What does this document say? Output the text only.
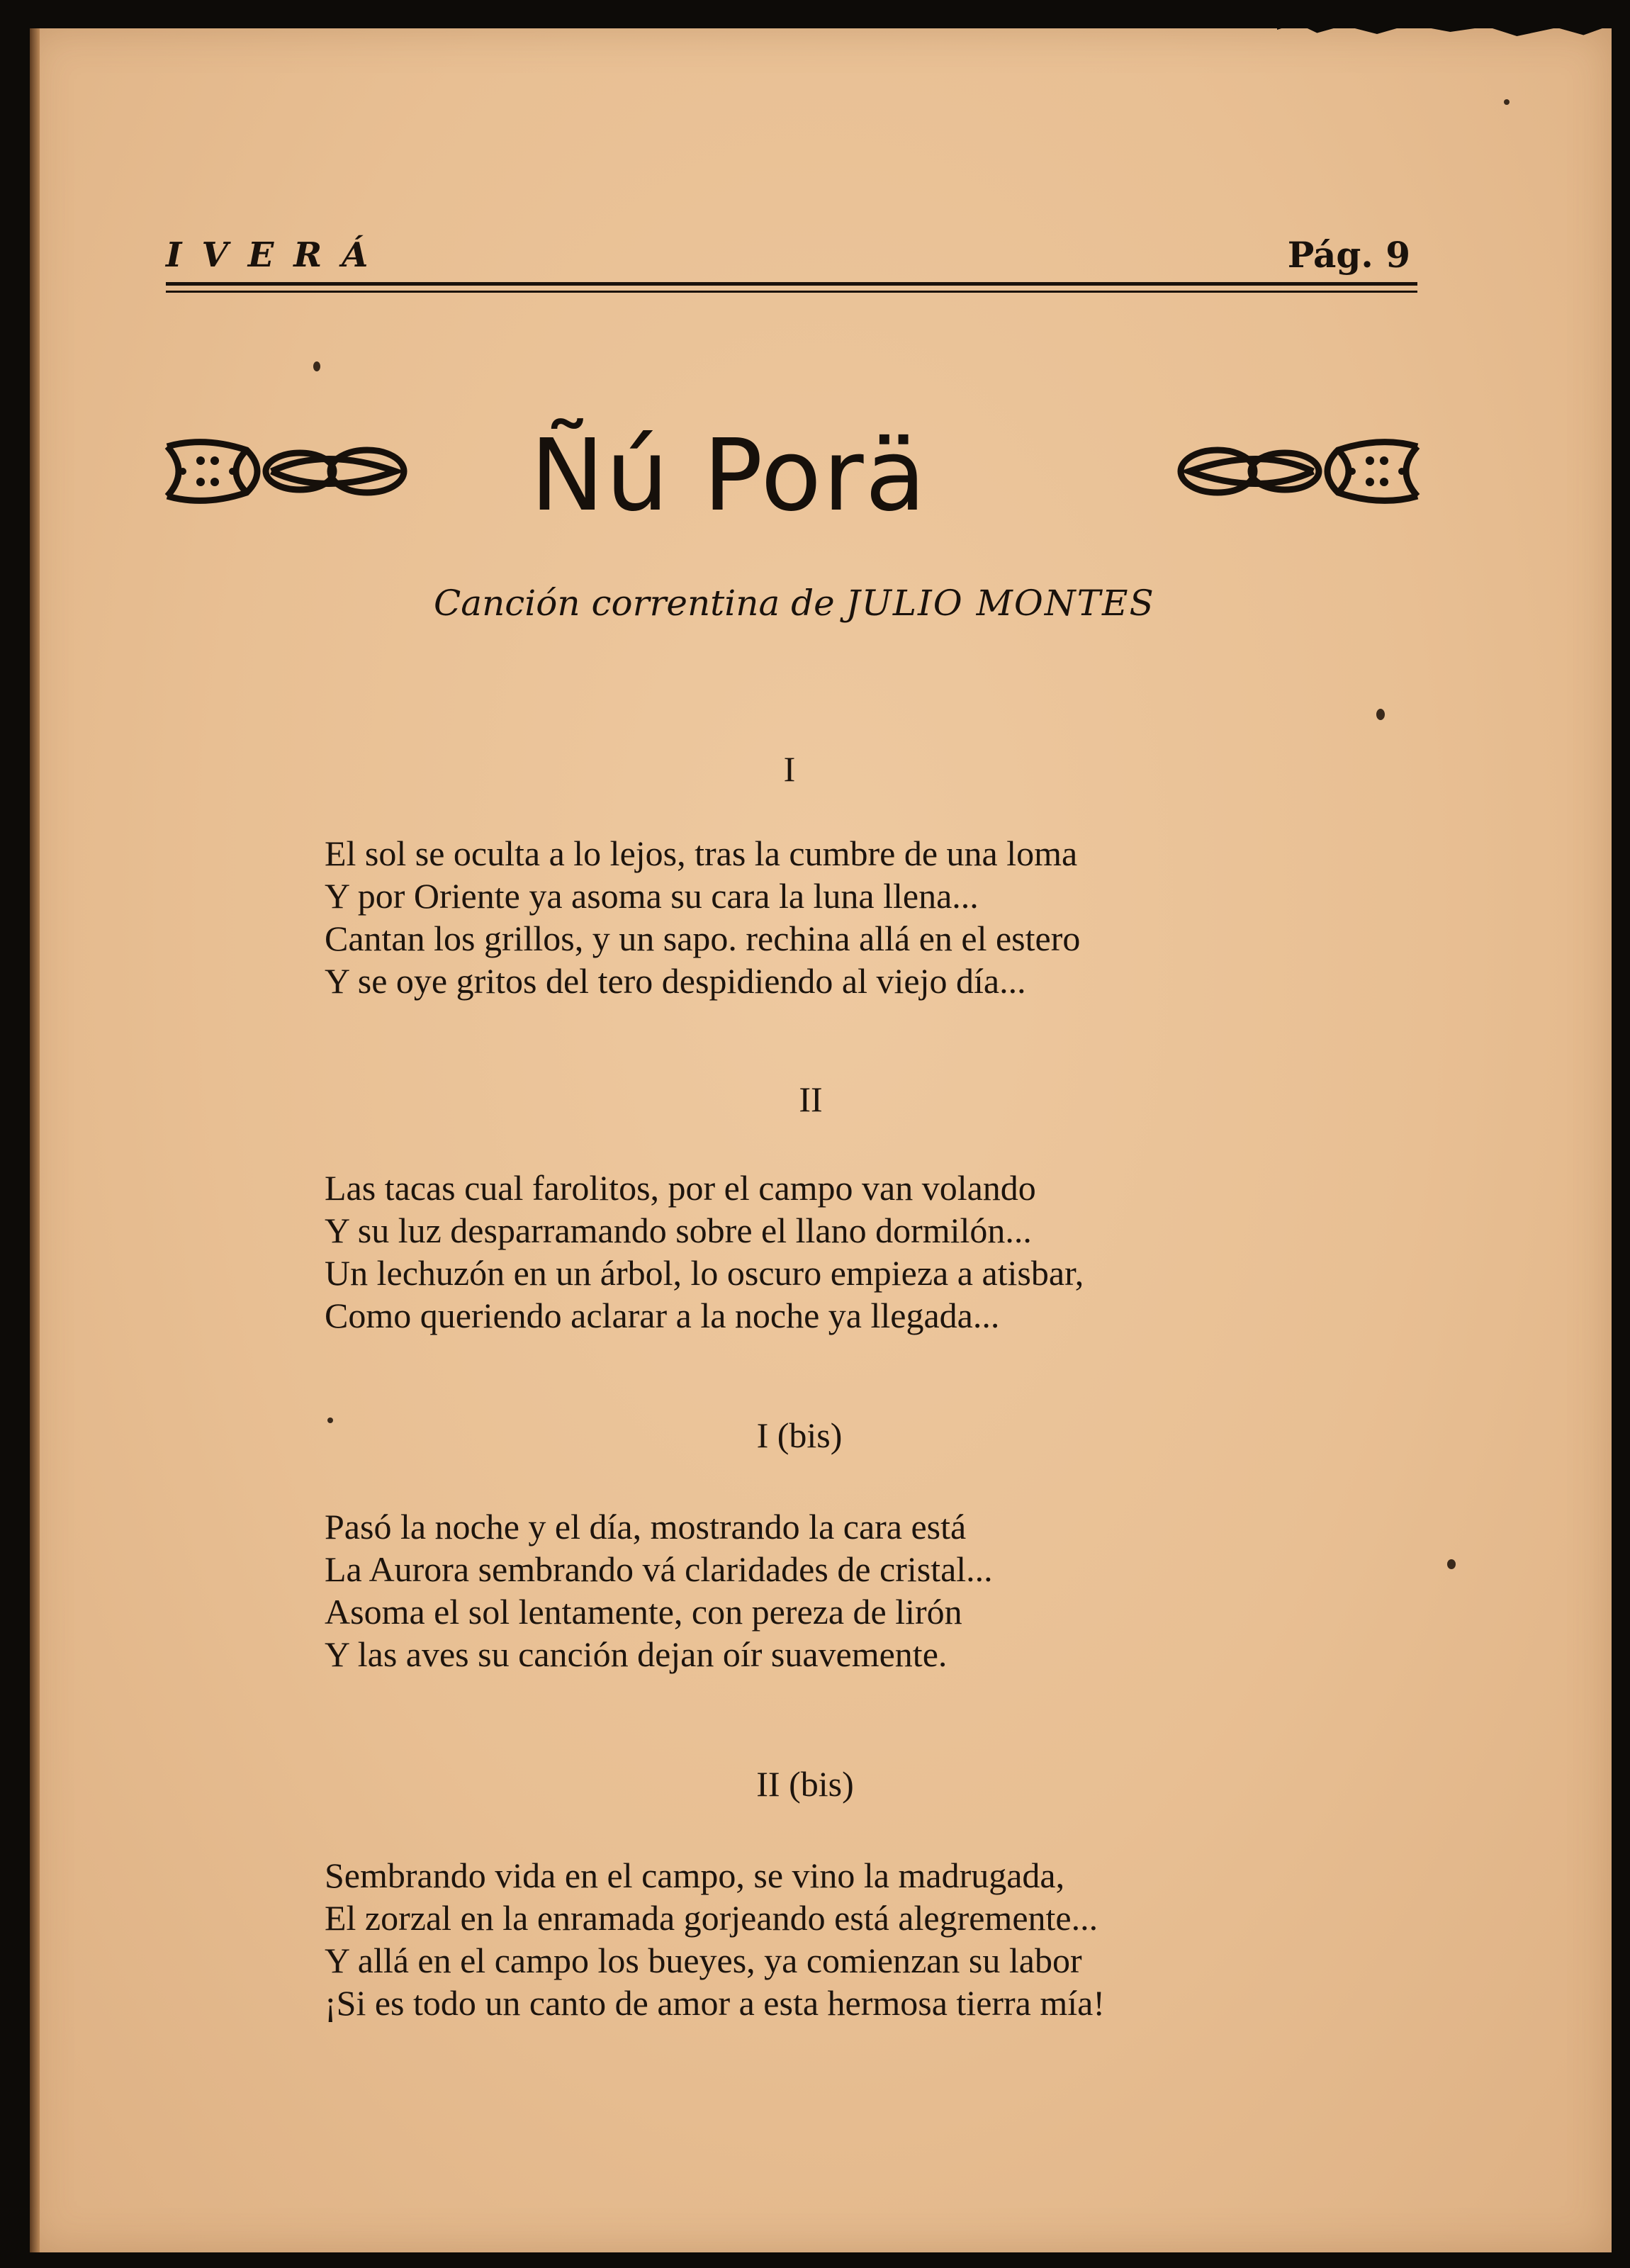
IVERÁ	Pág. 9
Ñú Porä
Canción correntina de JULIO MONTES
I
El sol se oculta a lo lejos, tras la cumbre de una loma
Y por Oriente ya asoma su cara la luna llena...
Cantan los grillos, y un sapo. rechina allá en el estero
Y se oye gritos del tero despidiendo al viejo día...
II
Las tacas cual farolitos, por el campo van volando
Y su luz desparramando sobre el llano dormilón...
Un lechuzón en un árbol, lo oscuro empieza a atisbar,
Como queriendo aclarar a la noche ya llegada...
I (bis)
Pasó la noche y el día, mostrando la cara está
La Aurora sembrando vá claridades de cristal...
Asoma el sol lentamente, con pereza de lirón
Y las aves su canción dejan oír suavemente.
II (bis)
Sembrando vida en el campo, se vino la madrugada,
El zorzal en la enramada gorjeando está alegremente...
Y allá en el campo los bueyes, ya comienzan su labor
¡Si es todo un canto de amor a esta hermosa tierra mía!
